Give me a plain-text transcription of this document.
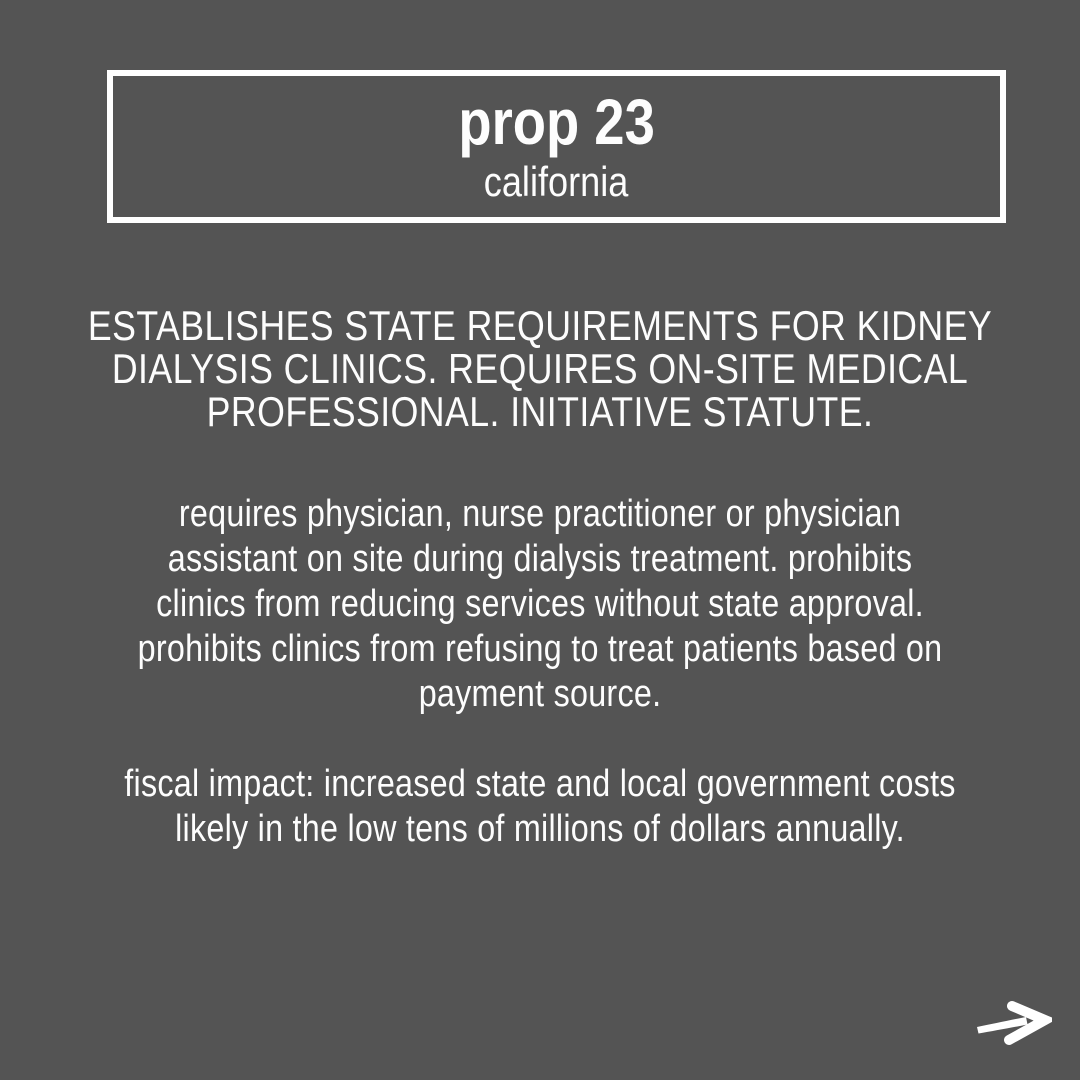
prop 23
california
ESTABLISHES STATE REQUIREMENTS FOR KIDNEY
DIALYSIS CLINICS. REQUIRES ON-SITE MEDICAL
PROFESSIONAL. INITIATIVE STATUTE.
requires physician, nurse practitioner or physician
assistant on site during dialysis treatment. prohibits
clinics from reducing services without state approval.
prohibits clinics from refusing to treat patients based on
payment source.
fiscal impact: increased state and local government costs
likely in the low tens of millions of dollars annually.
